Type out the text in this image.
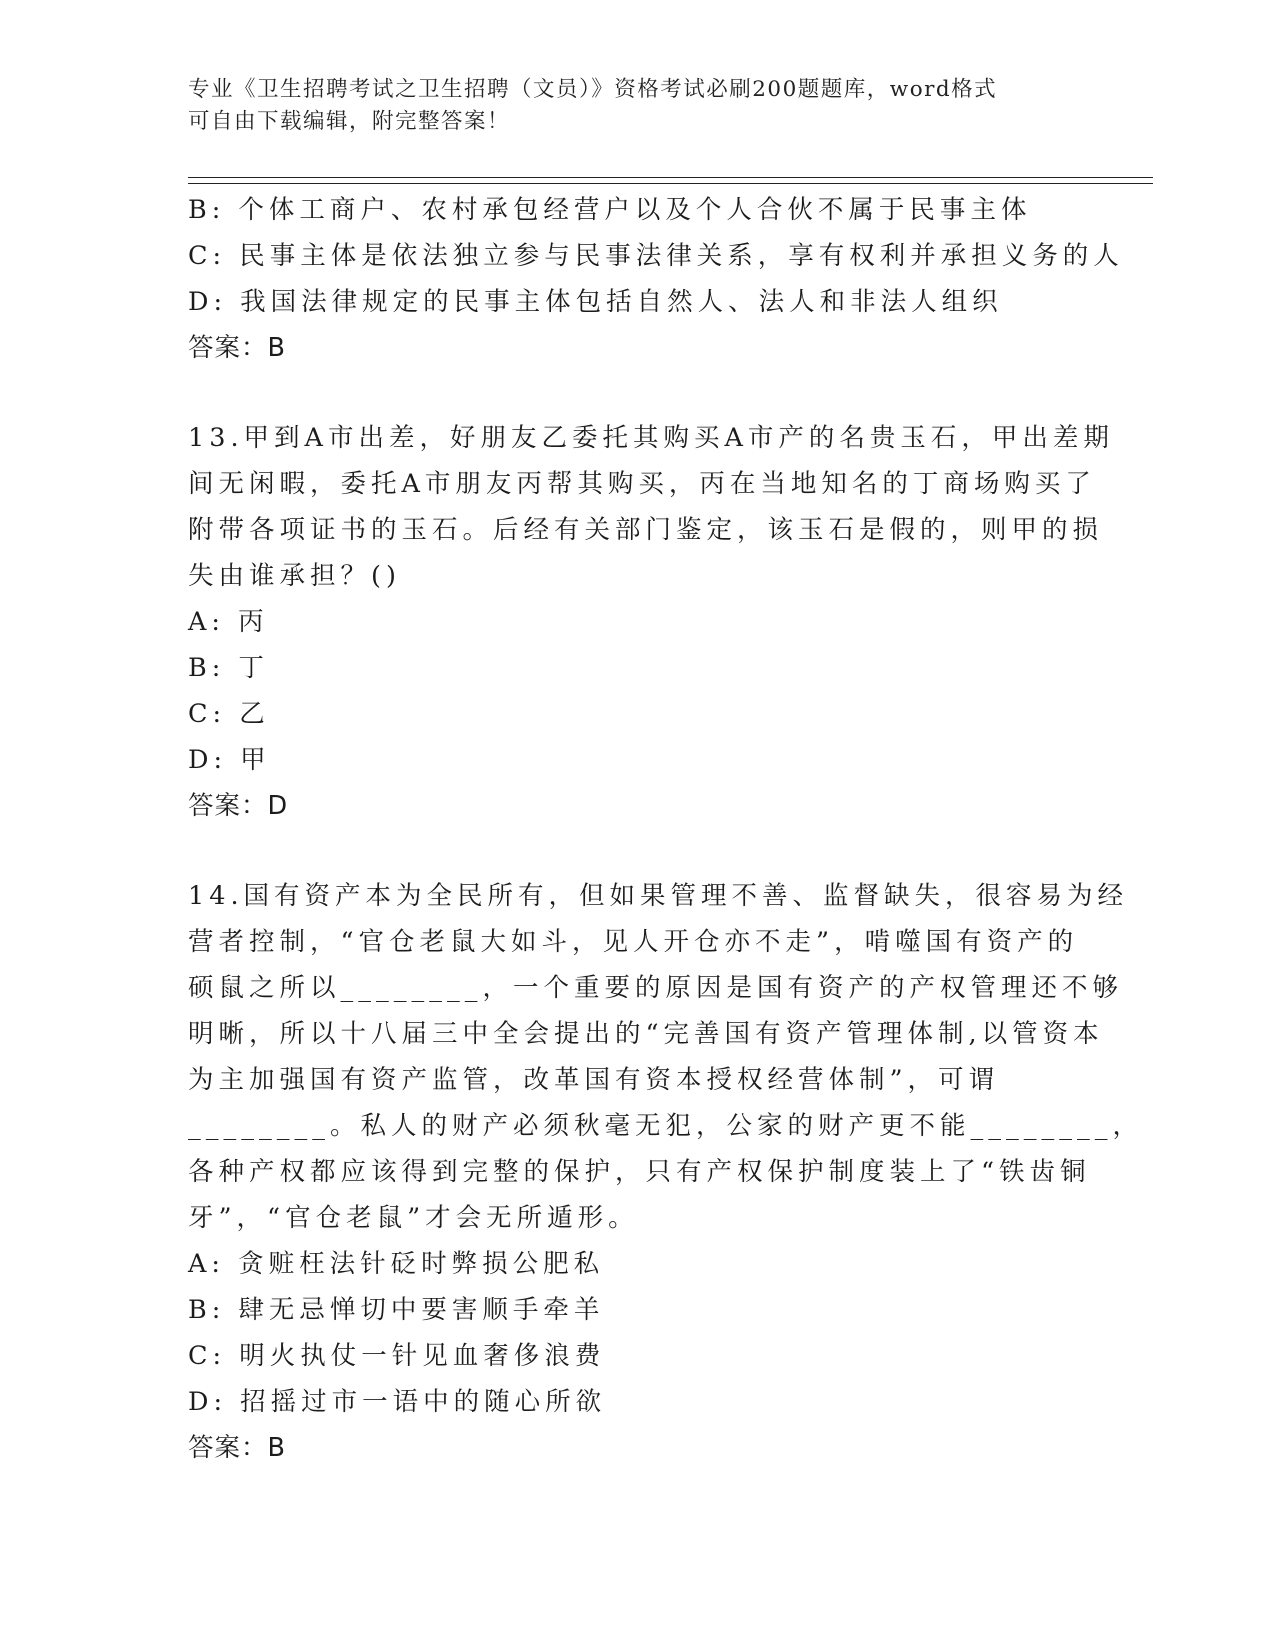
专业《卫生招聘考试之卫生招聘（文员）》资格考试必刷200题题库，word格式
可自由下载编辑，附完整答案！
B: 个体工商户、农村承包经营户以及个人合伙不属于民事主体
C: 民事主体是依法独立参与民事法律关系，享有权利并承担义务的人
D: 我国法律规定的民事主体包括自然人、法人和非法人组织
答案：B
13.甲到A市出差，好朋友乙委托其购买A市产的名贵玉石，甲出差期
间无闲暇，委托A市朋友丙帮其购买，丙在当地知名的丁商场购买了
附带各项证书的玉石。后经有关部门鉴定，该玉石是假的，则甲的损
失由谁承担？()
A: 丙
B: 丁
C: 乙
D: 甲
答案：D
14.国有资产本为全民所有，但如果管理不善、监督缺失，很容易为经
营者控制，“官仓老鼠大如斗，见人开仓亦不走”，啃噬国有资产的
硕鼠之所以________，一个重要的原因是国有资产的产权管理还不够
明晰，所以十八届三中全会提出的“完善国有资产管理体制,以管资本
为主加强国有资产监管，改革国有资本授权经营体制”，可谓
________。私人的财产必须秋毫无犯，公家的财产更不能________，
各种产权都应该得到完整的保护，只有产权保护制度装上了“铁齿铜
牙”，“官仓老鼠”才会无所遁形。
A: 贪赃枉法针砭时弊损公肥私
B: 肆无忌惮切中要害顺手牵羊
C: 明火执仗一针见血奢侈浪费
D: 招摇过市一语中的随心所欲
答案：B
